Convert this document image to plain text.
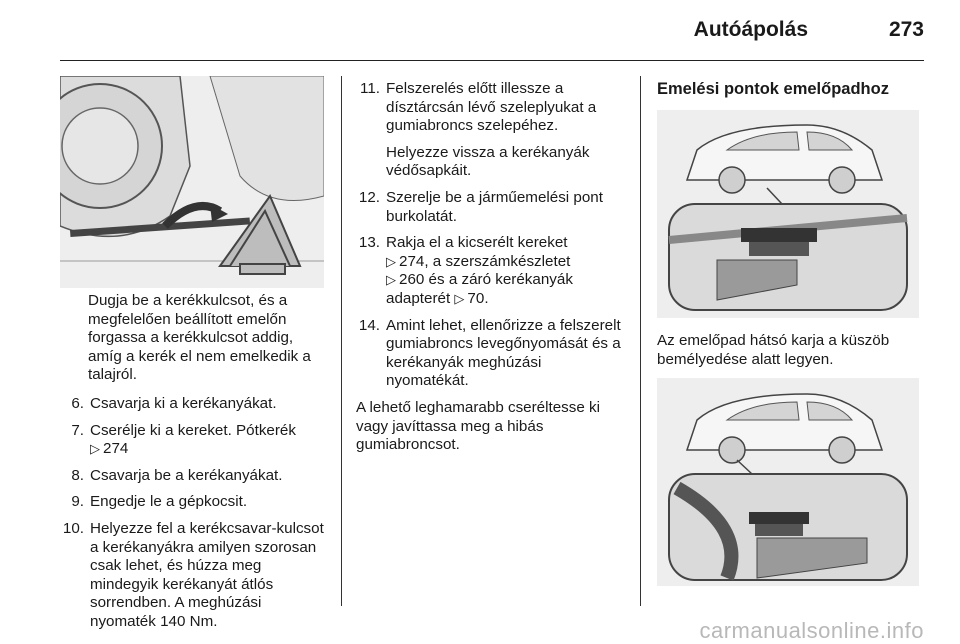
Autóápolás	273

Dugja be a kerékkulcsot, és a megfelelően beállított emelőn forgassa a kerékkulcsot addig, amíg a kerék el nem emelkedik a talajról.

6. Csavarja ki a kerékanyákat.
7. Cserélje ki a kereket. Pótkerék
▷ 274
8. Csavarja be a kerékanyákat.
9. Engedje le a gépkocsit.
10. Helyezze fel a kerékcsavar-kulcsot a kerékanyákra amilyen szorosan csak lehet, és húzza meg mindegyik kerékanyát átlós sorrendben. A meghúzási nyomaték 140 Nm.
11. Felszerelés előtt illessze a dísztárcsán lévő szeleplyukat a gumiabroncs szelepéhez.
Helyezze vissza a kerékanyák védősapkáit.
12. Szerelje be a járműemelési pont burkolatát.
13. Rakja el a kicserélt kereket
▷ 274, a szerszámkészletet
▷ 260 és a záró kerékanyák adapterét ▷ 70.
14. Amint lehet, ellenőrizze a felszerelt gumiabroncs levegőnyomását és a kerékanyák meghúzási nyomatékát.

A lehető leghamarabb cseréltesse ki vagy javíttassa meg a hibás gumiabroncsot.

Emelési pontok emelőpadhoz

Az emelőpad hátsó karja a küszöb bemélyedése alatt legyen.

carmanualsonline.info
